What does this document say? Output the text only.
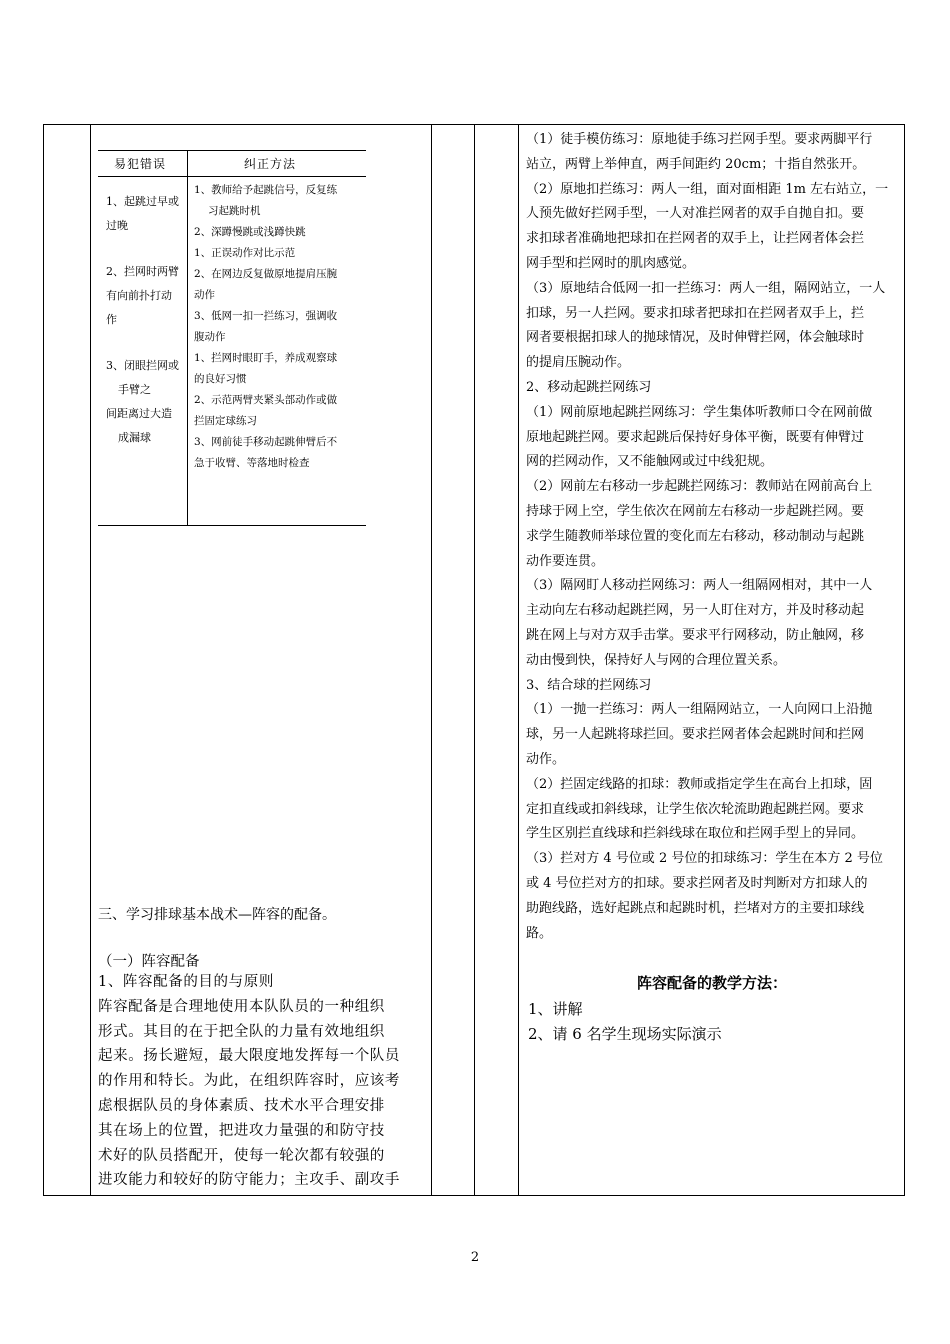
易犯错误	纠正方法
1、起跳过早或
过晚
2、拦网时两臂
有向前扑打动
作
3、闭眼拦网或
手臂之
间距离过大造
成漏球
1、教师给予起跳信号，反复练
习起跳时机
2、深蹲慢跳或浅蹲快跳
1、正误动作对比示范
2、在网边反复做原地提肩压腕
动作
3、低网一扣一拦练习，强调收
腹动作
1、拦网时眼盯手，养成观察球
的良好习惯
2、示范两臂夹紧头部动作或做
拦固定球练习
3、网前徒手移动起跳伸臂后不
急于收臂、等落地时检查
（1）徒手模仿练习：原地徒手练习拦网手型。要求两脚平行
站立，两臂上举伸直，两手间距约 20cm；十指自然张开。
（2）原地扣拦练习：两人一组，面对面相距 1m 左右站立，一
人预先做好拦网手型，一人对准拦网者的双手自抛自扣。要
求扣球者准确地把球扣在拦网者的双手上，让拦网者体会拦
网手型和拦网时的肌肉感觉。
（3）原地结合低网一扣一拦练习：两人一组，隔网站立，一人
扣球，另一人拦网。要求扣球者把球扣在拦网者双手上，拦
网者要根据扣球人的抛球情况，及时伸臂拦网，体会触球时
的提肩压腕动作。
2、移动起跳拦网练习
（1）网前原地起跳拦网练习：学生集体听教师口令在网前做
原地起跳拦网。要求起跳后保持好身体平衡，既要有伸臂过
网的拦网动作，又不能触网或过中线犯规。
（2）网前左右移动一步起跳拦网练习：教师站在网前高台上
持球于网上空，学生依次在网前左右移动一步起跳拦网。要
求学生随教师举球位置的变化而左右移动，移动制动与起跳
动作要连贯。
（3）隔网盯人移动拦网练习：两人一组隔网相对，其中一人
主动向左右移动起跳拦网，另一人盯住对方，并及时移动起
跳在网上与对方双手击掌。要求平行网移动，防止触网，移
动由慢到快，保持好人与网的合理位置关系。
3、结合球的拦网练习
（1）一抛一拦练习：两人一组隔网站立，一人向网口上沿抛
球，另一人起跳将球拦回。要求拦网者体会起跳时间和拦网
动作。
（2）拦固定线路的扣球：教师或指定学生在高台上扣球，固
定扣直线或扣斜线球，让学生依次轮流助跑起跳拦网。要求
学生区别拦直线球和拦斜线球在取位和拦网手型上的异同。
（3）拦对方 4 号位或 2 号位的扣球练习：学生在本方 2 号位
或 4 号位拦对方的扣球。要求拦网者及时判断对方扣球人的
助跑线路，选好起跳点和起跳时机，拦堵对方的主要扣球线
路。
三、学习排球基本战术—阵容的配备。
（一）阵容配备
1、阵容配备的目的与原则
阵容配备是合理地使用本队队员的一种组织
形式。其目的在于把全队的力量有效地组织
起来。扬长避短，最大限度地发挥每一个队员
的作用和特长。为此，在组织阵容时，应该考
虑根据队员的身体素质、技术水平合理安排
其在场上的位置，把进攻力量强的和防守技
术好的队员搭配开，使每一轮次都有较强的
进攻能力和较好的防守能力；主攻手、副攻手
阵容配备的教学方法：
1、讲解
2、请 6 名学生现场实际演示
2
